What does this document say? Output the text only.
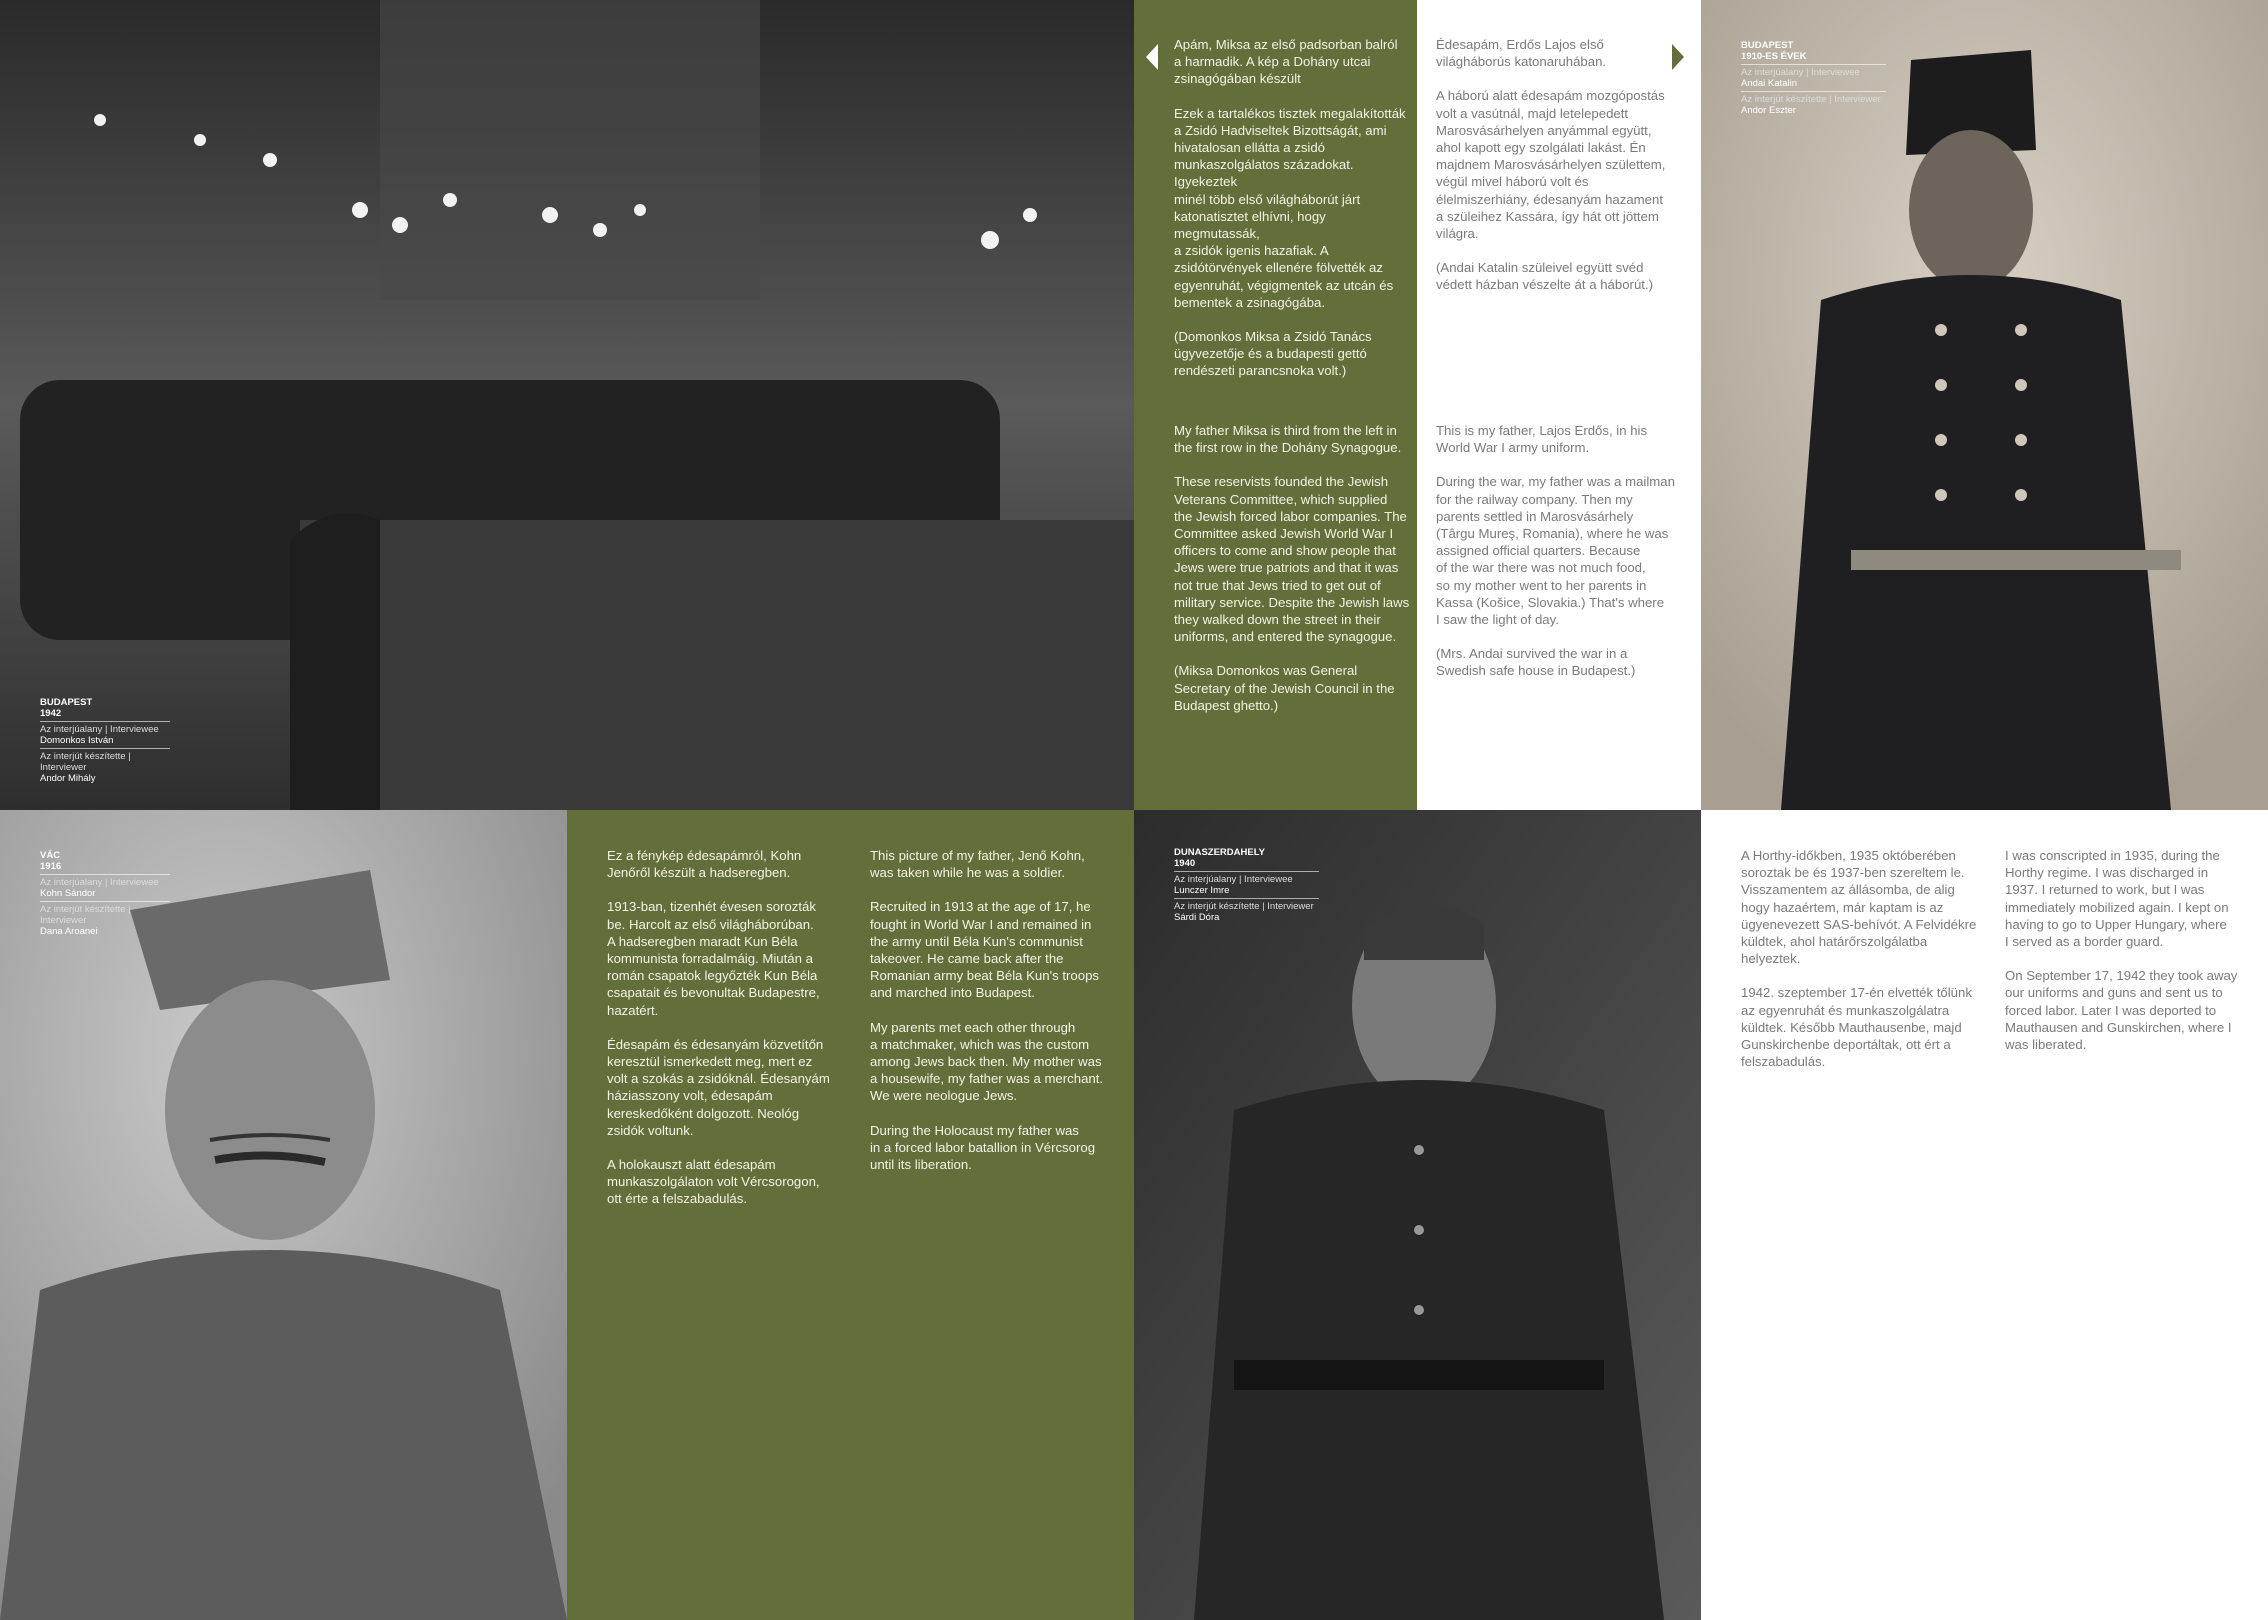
BUDAPEST
1942
Az interjúalany | Interviewee
Domonkos István
Az interjút készítette | Interviewer
Andor Mihály

Apám, Miksa az első padsorban balról
a harmadik. A kép a Dohány utcai
zsinagógában készült

Ezek a tartalékos tisztek megalakították
a Zsidó Hadviseltek Bizottságát, ami
hivatalosan ellátta a zsidó
munkaszolgálatos századokat. Igyekeztek
minél több első világháborút járt
katonatisztet elhívni, hogy megmutassák,
a zsidók igenis hazafiak. A
zsidótörvények ellenére fölvették az
egyenruhát, végigmentek az utcán és
bementek a zsinagógába.

(Domonkos Miksa a Zsidó Tanács
ügyvezetője és a budapesti gettó
rendészeti parancsnoka volt.)

My father Miksa is third from the left in
the first row in the Dohány Synagogue.

These reservists founded the Jewish
Veterans Committee, which supplied
the Jewish forced labor companies. The
Committee asked Jewish World War I
officers to come and show people that
Jews were true patriots and that it was
not true that Jews tried to get out of
military service. Despite the Jewish laws
they walked down the street in their
uniforms, and entered the synagogue.

(Miksa Domonkos was General
Secretary of the Jewish Council in the
Budapest ghetto.)

Édesapám, Erdős Lajos első
világháborús katonaruhában.

A háború alatt édesapám mozgópostás
volt a vasútnál, majd letelepedett
Marosvásárhelyen anyámmal együtt,
ahol kapott egy szolgálati lakást. Én
majdnem Marosvásárhelyen születtem,
végül mivel háború volt és
élelmiszerhiány, édesanyám hazament
a szüleihez Kassára, így hát ott jöttem
világra.

(Andai Katalin szüleivel együtt svéd
védett házban vészelte át a háborút.)

This is my father, Lajos Erdős, in his
World War I army uniform.

During the war, my father was a mailman
for the railway company. Then my
parents settled in Marosvásárhely
(Târgu Mureş, Romania), where he was
assigned official quarters. Because
of the war there was not much food,
so my mother went to her parents in
Kassa (Košice, Slovakia.) That's where
I saw the light of day.

(Mrs. Andai survived the war in a
Swedish safe house in Budapest.)

BUDAPEST
1910-ES ÉVEK
Az interjúalany | Interviewee
Andai Katalin
Az interjút készítette | Interviewer
Andor Eszter
VÁC
1916
Az interjúalany | Interviewee
Kohn Sándor
Az interjút készítette | Interviewer
Dana Aroanei

Ez a fénykép édesapámról, Kohn
Jenőről készült a hadseregben.

1913-ban, tizenhét évesen sorozták
be. Harcolt az első világháborúban.
A hadseregben maradt Kun Béla
kommunista forradalmáig. Miután a
román csapatok legyőzték Kun Béla
csapatait és bevonultak Budapestre,
hazatért.

Édesapám és édesanyám közvetítőn
keresztül ismerkedett meg, mert ez
volt a szokás a zsidóknál. Édesanyám
háziasszony volt, édesapám
kereskedőként dolgozott. Neológ
zsidók voltunk.

A holokauszt alatt édesapám
munkaszolgálaton volt Vércsorogon,
ott érte a felszabadulás.

This picture of my father, Jenő Kohn,
was taken while he was a soldier.

Recruited in 1913 at the age of 17, he
fought in World War I and remained in
the army until Béla Kun's communist
takeover. He came back after the
Romanian army beat Béla Kun's troops
and marched into Budapest.

My parents met each other through
a matchmaker, which was the custom
among Jews back then. My mother was
a housewife, my father was a merchant.
We were neologue Jews.

During the Holocaust my father was
in a forced labor batallion in Vércsorog
until its liberation.

DUNASZERDAHELY
1940
Az interjúalany | Interviewee
Lunczer Imre
Az interjút készítette | Interviewer
Sárdi Dóra

A Horthy-időkben, 1935 októberében
soroztak be és 1937-ben szereltem le.
Visszamentem az állásomba, de alig
hogy hazaértem, már kaptam is az
ügyenevezett SAS-behívót. A Felvidékre
küldtek, ahol határőrszolgálatba
helyeztek.

1942. szeptember 17-én elvették tőlünk
az egyenruhát és munkaszolgálatra
küldtek. Később Mauthausenbe, majd
Gunskirchenbe deportáltak, ott ért a
felszabadulás.

I was conscripted in 1935, during the
Horthy regime. I was discharged in
1937. I returned to work, but I was
immediately mobilized again. I kept on
having to go to Upper Hungary, where
I served as a border guard.

On September 17, 1942 they took away
our uniforms and guns and sent us to
forced labor. Later I was deported to
Mauthausen and Gunskirchen, where I
was liberated.
